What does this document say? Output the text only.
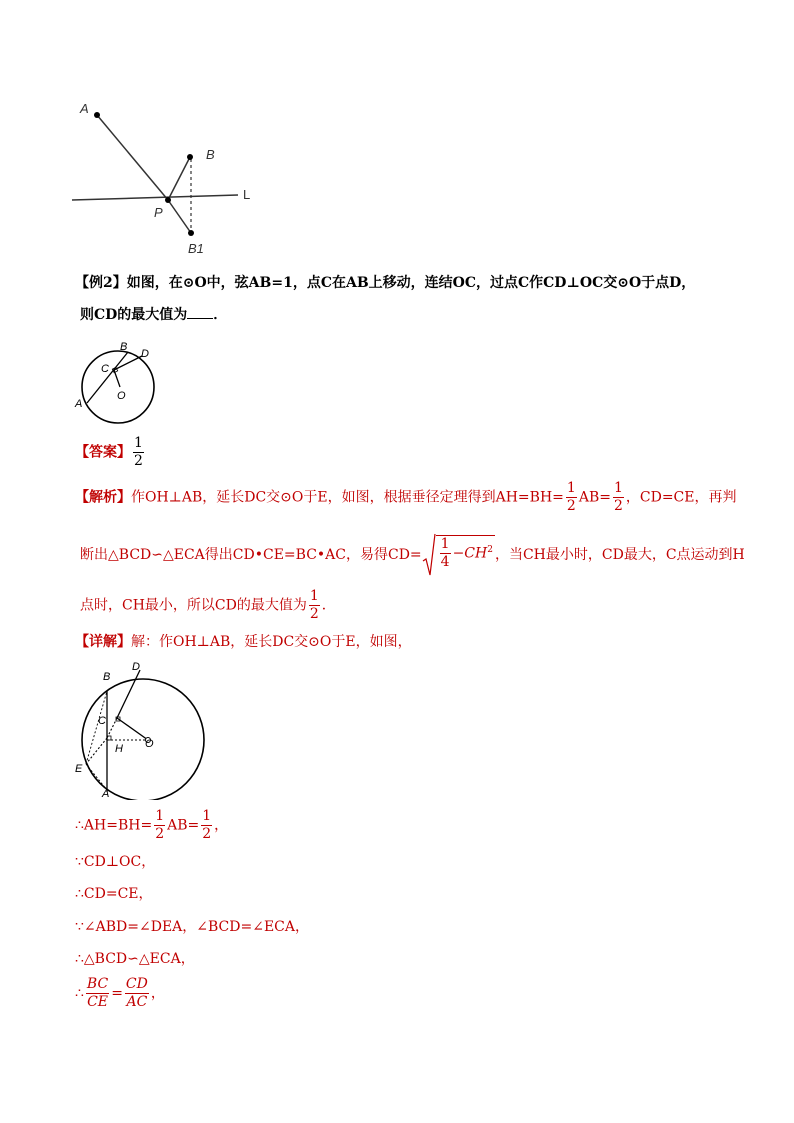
A
B
P
B1
L
【例2】如图，在⊙O中，弦AB=1，点C在AB上移动，连结OC，过点C作CD⊥OC交⊙O于点D，
则CD的最大值为 ．
B
D
C
O
A
【答案】 $\frac{1}{2}$
【解析】作OH⊥AB，延长DC交⊙O于E，如图，根据垂径定理得到$AH=BH= \frac{1}{2} AB= \frac{1}{2}$ ，CD=CE，再判
断出△BCD∽△ECA得出CD•CE=BC•AC，易得$CD= \frac{1}{4} -CH^2$ ，当CH最小时，CD最大，C点运动到H
点时，CH最小，所以CD的最大值为 $\frac{1}{2}$ ．
【详解】解：作OH⊥AB，延长DC交⊙O于E，如图，
B
D
C
H O
E
A
∴AH=BH= $\frac{1}{2} AB= \frac{1}{2}$ ，
∵CD⊥OC，
∴CD=CE，
∵∠ABD=∠DEA，∠BCD=∠ECA，
∴△BCD∽△ECA，
∴ $\frac{BC}{CE} = \frac{CD}{AC}$ ，
